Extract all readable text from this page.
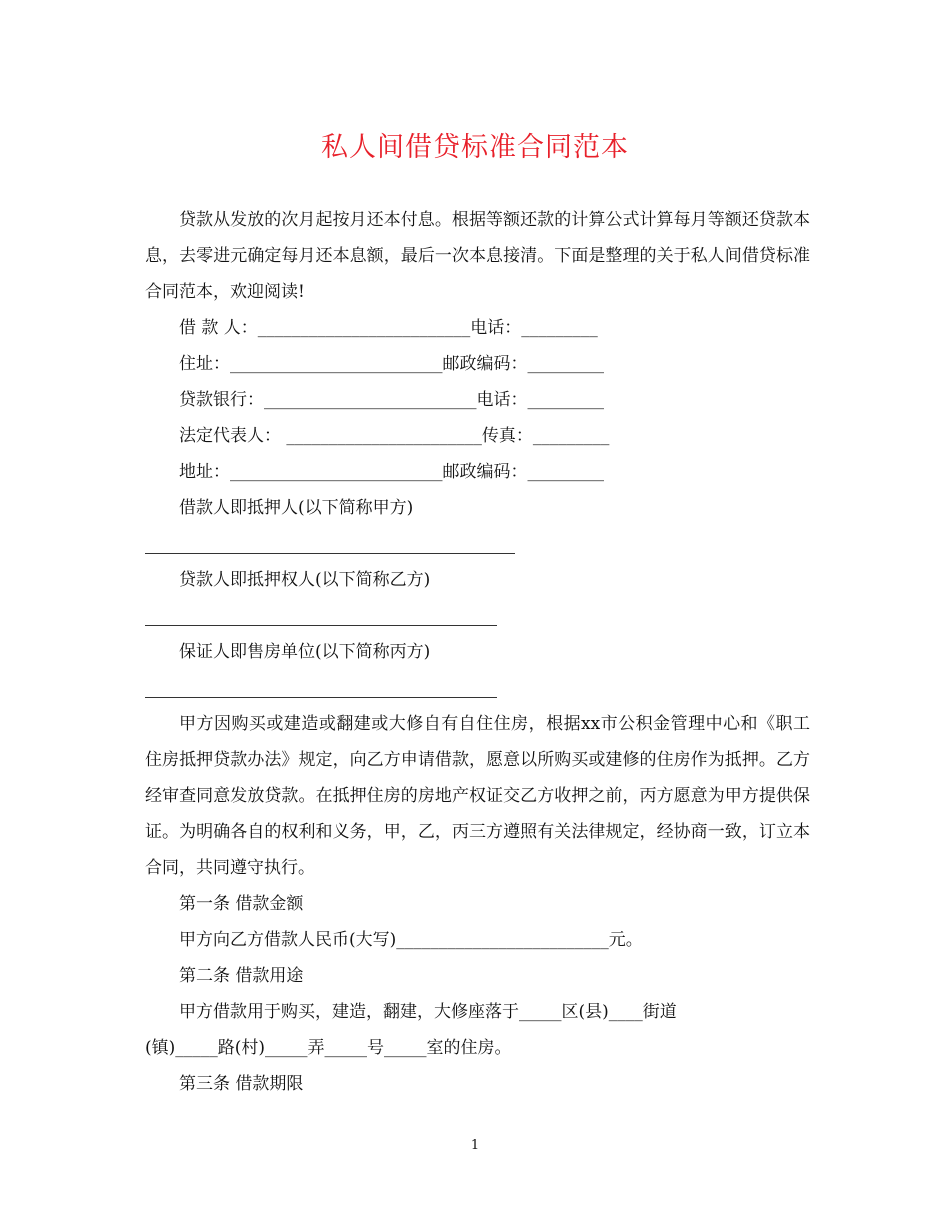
私人间借贷标准合同范本

贷款从发放的次月起按月还本付息。根据等额还款的计算公式计算每月等额还贷款本息，去零进元确定每月还本息额，最后一次本息接清。下面是整理的关于私人间借贷标准合同范本，欢迎阅读!

借 款 人：_________________________电话：_________
住址：_________________________邮政编码：_________
贷款银行：_________________________电话：_________
法定代表人： _______________________传真：_________
地址：_________________________邮政编码：_________
借款人即抵押人(以下简称甲方)
贷款人即抵押权人(以下简称乙方)
保证人即售房单位(以下简称丙方)

甲方因购买或建造或翻建或大修自有自住住房，根据xx市公积金管理中心和《职工住房抵押贷款办法》规定，向乙方申请借款，愿意以所购买或建修的住房作为抵押。乙方经审查同意发放贷款。在抵押住房的房地产权证交乙方收押之前，丙方愿意为甲方提供保证。为明确各自的权利和义务，甲，乙，丙三方遵照有关法律规定，经协商一致，订立本合同，共同遵守执行。

第一条 借款金额
甲方向乙方借款人民币(大写)_________________________元。
第二条 借款用途
甲方借款用于购买，建造，翻建，大修座落于_____区(县)____街道
(镇)_____路(村)_____弄_____号_____室的住房。
第三条 借款期限
1
